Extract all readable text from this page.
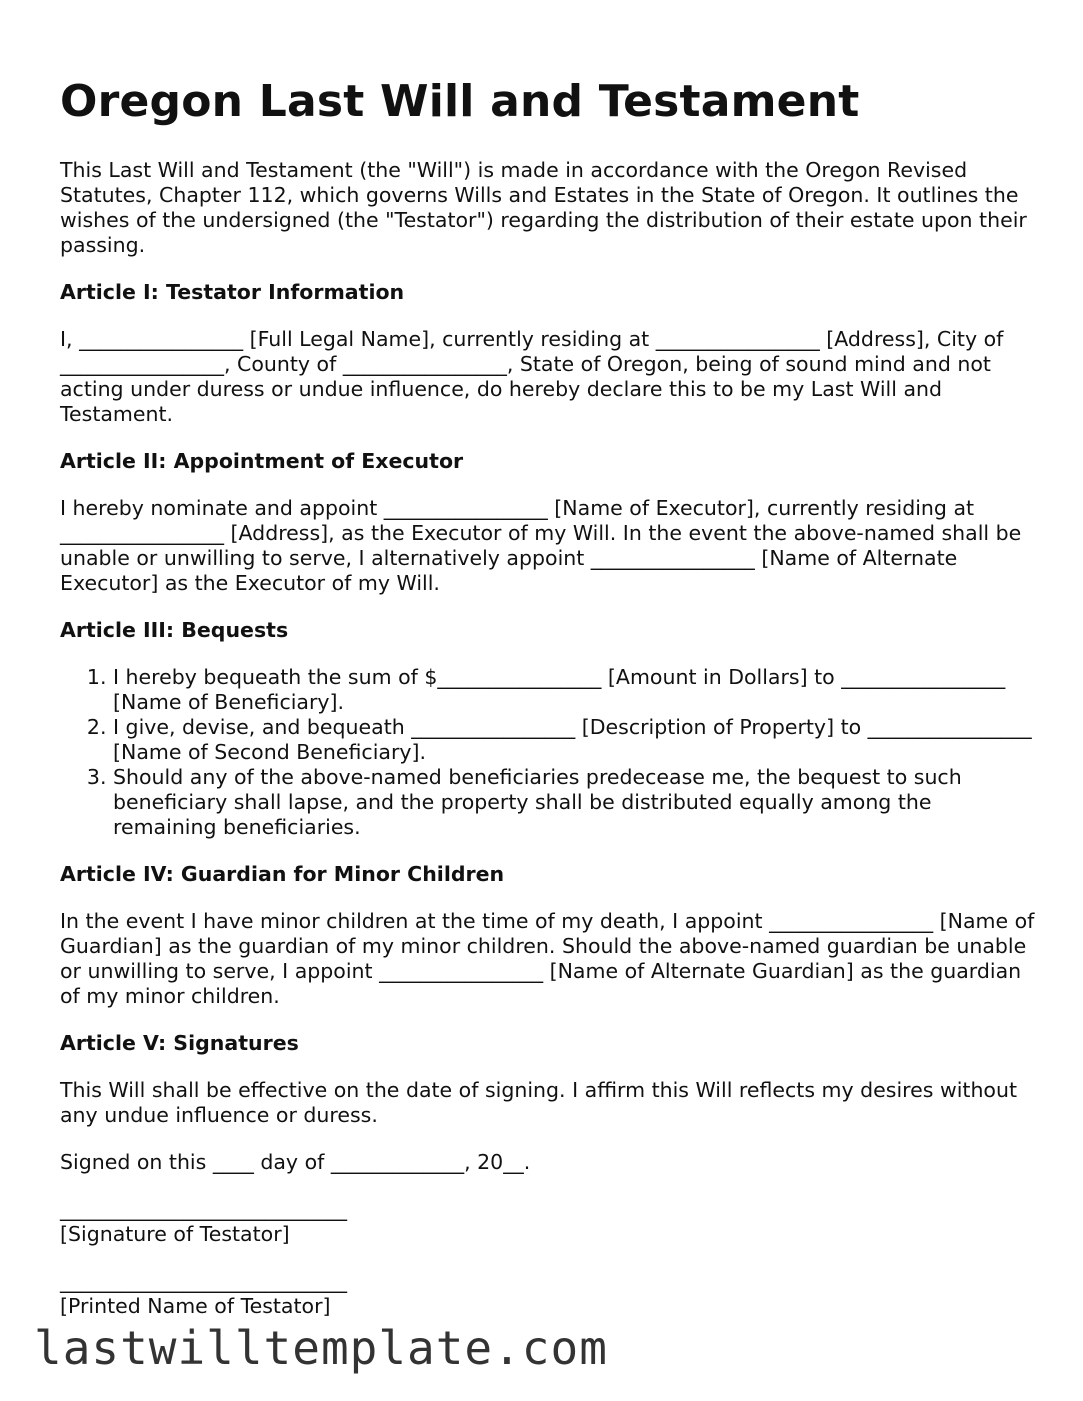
Oregon Last Will and Testament

This Last Will and Testament (the "Will") is made in accordance with the Oregon Revised Statutes, Chapter 112, which governs Wills and Estates in the State of Oregon. It outlines the wishes of the undersigned (the "Testator") regarding the distribution of their estate upon their passing.

Article I: Testator Information

I, ________________ [Full Legal Name], currently residing at ________________ [Address], City of ________________, County of ________________, State of Oregon, being of sound mind and not acting under duress or undue influence, do hereby declare this to be my Last Will and Testament.

Article II: Appointment of Executor

I hereby nominate and appoint ________________ [Name of Executor], currently residing at ________________ [Address], as the Executor of my Will. In the event the above-named shall be unable or unwilling to serve, I alternatively appoint ________________ [Name of Alternate Executor] as the Executor of my Will.

Article III: Bequests
1. I hereby bequeath the sum of $________________ [Amount in Dollars] to ________________ [Name of Beneficiary].
2. I give, devise, and bequeath ________________ [Description of Property] to ________________ [Name of Second Beneficiary].
3. Should any of the above-named beneficiaries predecease me, the bequest to such beneficiary shall lapse, and the property shall be distributed equally among the remaining beneficiaries.
Article IV: Guardian for Minor Children

In the event I have minor children at the time of my death, I appoint ________________ [Name of Guardian] as the guardian of my minor children. Should the above-named guardian be unable or unwilling to serve, I appoint ________________ [Name of Alternate Guardian] as the guardian of my minor children.

Article V: Signatures

This Will shall be effective on the date of signing. I affirm this Will reflects my desires without any undue influence or duress.

Signed on this ____ day of _____________, 20__.

____________________________
[Signature of Testator]
____________________________
[Printed Name of Testator]
lastwilltemplate.com
